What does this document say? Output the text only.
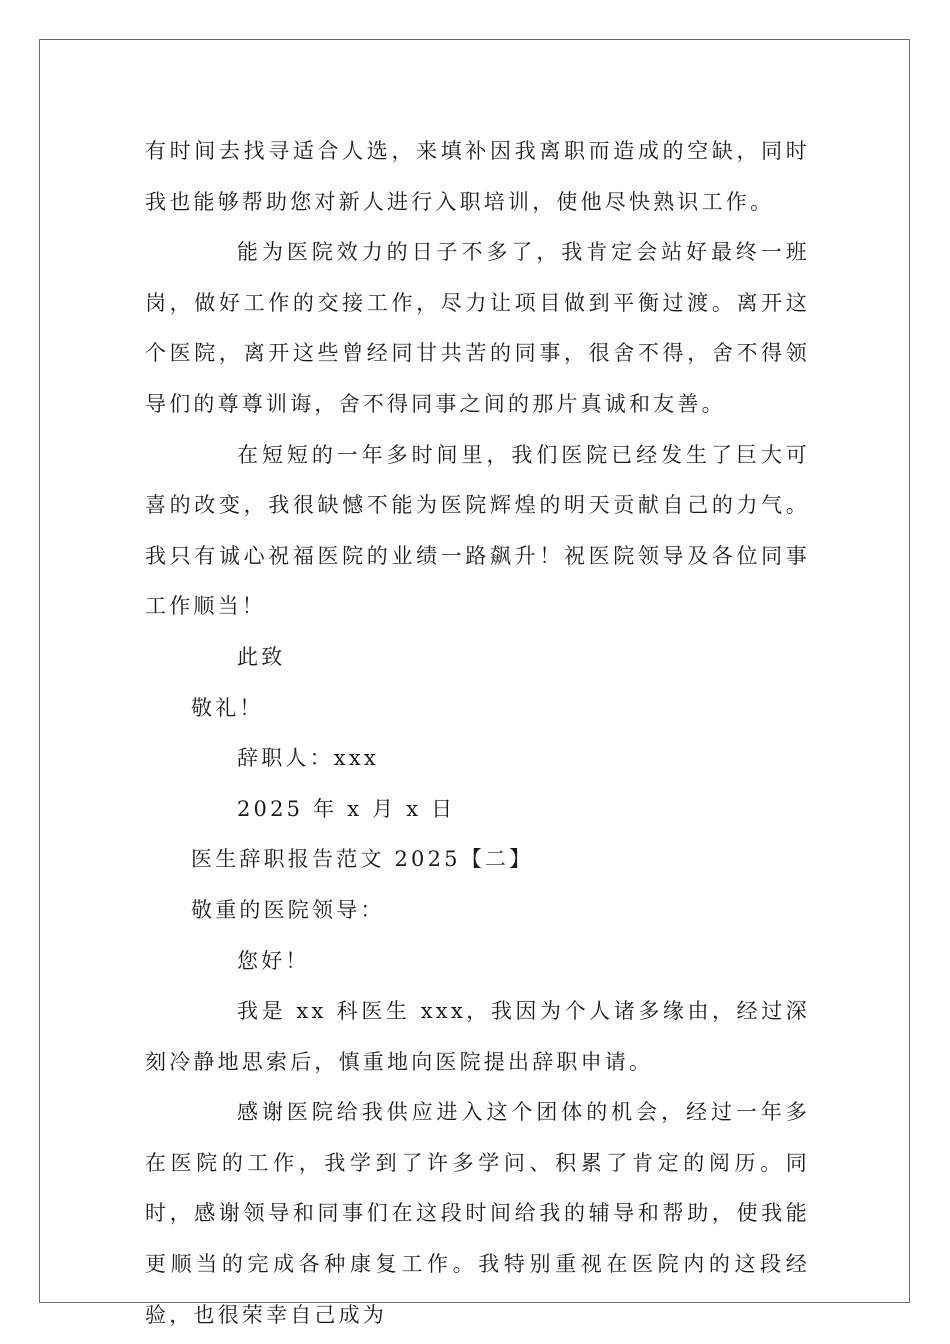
有时间去找寻适合人选，来填补因我离职而造成的空缺，同时我也能够帮助您对新人进行入职培训，使他尽快熟识工作。

能为医院效力的日子不多了，我肯定会站好最终一班岗，做好工作的交接工作，尽力让项目做到平衡过渡。离开这个医院，离开这些曾经同甘共苦的同事，很舍不得，舍不得领导们的尊尊训诲，舍不得同事之间的那片真诚和友善。

在短短的一年多时间里，我们医院已经发生了巨大可喜的改变，我很缺憾不能为医院辉煌的明天贡献自己的力气。我只有诚心祝福医院的业绩一路飙升！祝医院领导及各位同事工作顺当！

此致

敬礼！

辞职人：xxx

2025 年 x 月 x 日

医生辞职报告范文 2025【二】

敬重的医院领导：

您好！

我是 xx 科医生 xxx，我因为个人诸多缘由，经过深刻冷静地思索后，慎重地向医院提出辞职申请。

感谢医院给我供应进入这个团体的机会，经过一年多在医院的工作，我学到了许多学问、积累了肯定的阅历。同时，感谢领导和同事们在这段时间给我的辅导和帮助，使我能更顺当的完成各种康复工作。我特别重视在医院内的这段经验，也很荣幸自己成为
